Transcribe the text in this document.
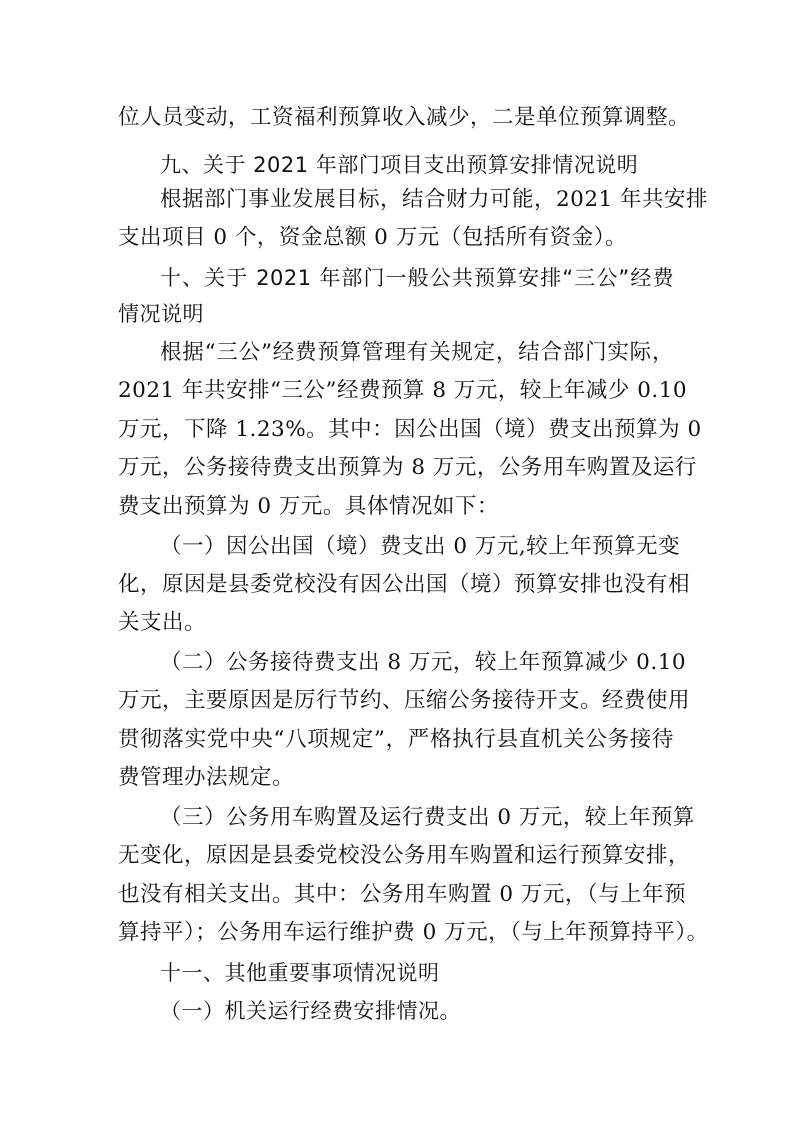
位人员变动，工资福利预算收入减少，二是单位预算调整。
九、关于 2021 年部门项目支出预算安排情况说明
根据部门事业发展目标，结合财力可能，2021 年共安排
支出项目 0 个，资金总额 0 万元（包括所有资金）。
十、关于 2021 年部门一般公共预算安排“三公”经费
情况说明
根据“三公”经费预算管理有关规定，结合部门实际，
2021 年共安排“三公”经费预算 8 万元，较上年减少 0.10
万元，下降 1.23%。其中：因公出国（境）费支出预算为 0
万元，公务接待费支出预算为 8 万元，公务用车购置及运行
费支出预算为 0 万元。具体情况如下：
（一）因公出国（境）费支出 0 万元,较上年预算无变
化，原因是县委党校没有因公出国（境）预算安排也没有相
关支出。
（二）公务接待费支出 8 万元，较上年预算减少 0.10
万元，主要原因是厉行节约、压缩公务接待开支。经费使用
贯彻落实党中央“八项规定”，严格执行县直机关公务接待
费管理办法规定。
（三）公务用车购置及运行费支出 0 万元，较上年预算
无变化，原因是县委党校没公务用车购置和运行预算安排，
也没有相关支出。其中：公务用车购置 0 万元，（与上年预
算持平）；公务用车运行维护费 0 万元，（与上年预算持平）。
十一、其他重要事项情况说明
（一）机关运行经费安排情况。
